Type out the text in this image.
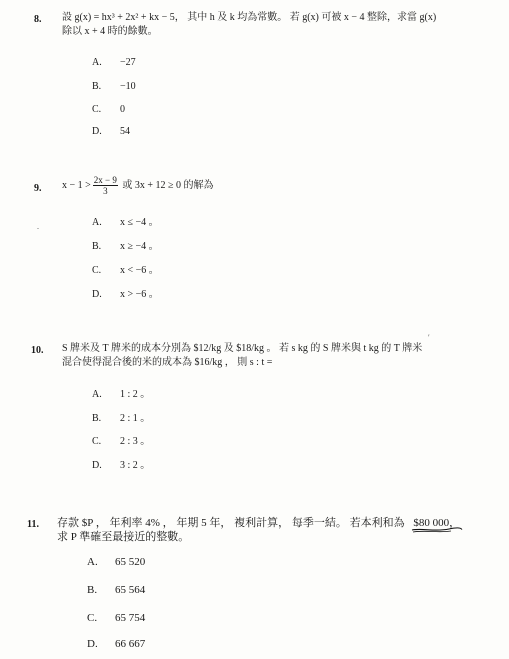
8. 設 g(x) = hx³ + 2x² + kx − 5， 其中 h 及 k 均為常數。 若 g(x) 可被 x − 4 整除，求當 g(x)
除以 x + 4 時的餘數。
A. −27
B. −10
C. 0
D. 54
9. $x - 1 > \frac{2x - 9}{3}$ 或 3x + 12 ≥ 0 的解為
A. x ≤ −4 。
B. x ≥ −4 。
C. x < −6 。
D. x > −6 。
.
10. S 牌米及 T 牌米的成本分別為 $12/kg 及 $18/kg 。 若 s kg 的 S 牌米與 t kg 的 T 牌米
混合使得混合後的米的成本為 $16/kg ， 則 s : t =
A. 1 : 2 。
B. 2 : 1 。
C. 2 : 3 。
D. 3 : 2 。
′
11. 存款 $P ， 年利率 4% ， 年期 5 年， 複利計算， 每季一結。 若本利和為 $80 000
，
求 P 準確至最接近的整數。
A. 65 520
B. 65 564
C. 65 754
D. 66 667
